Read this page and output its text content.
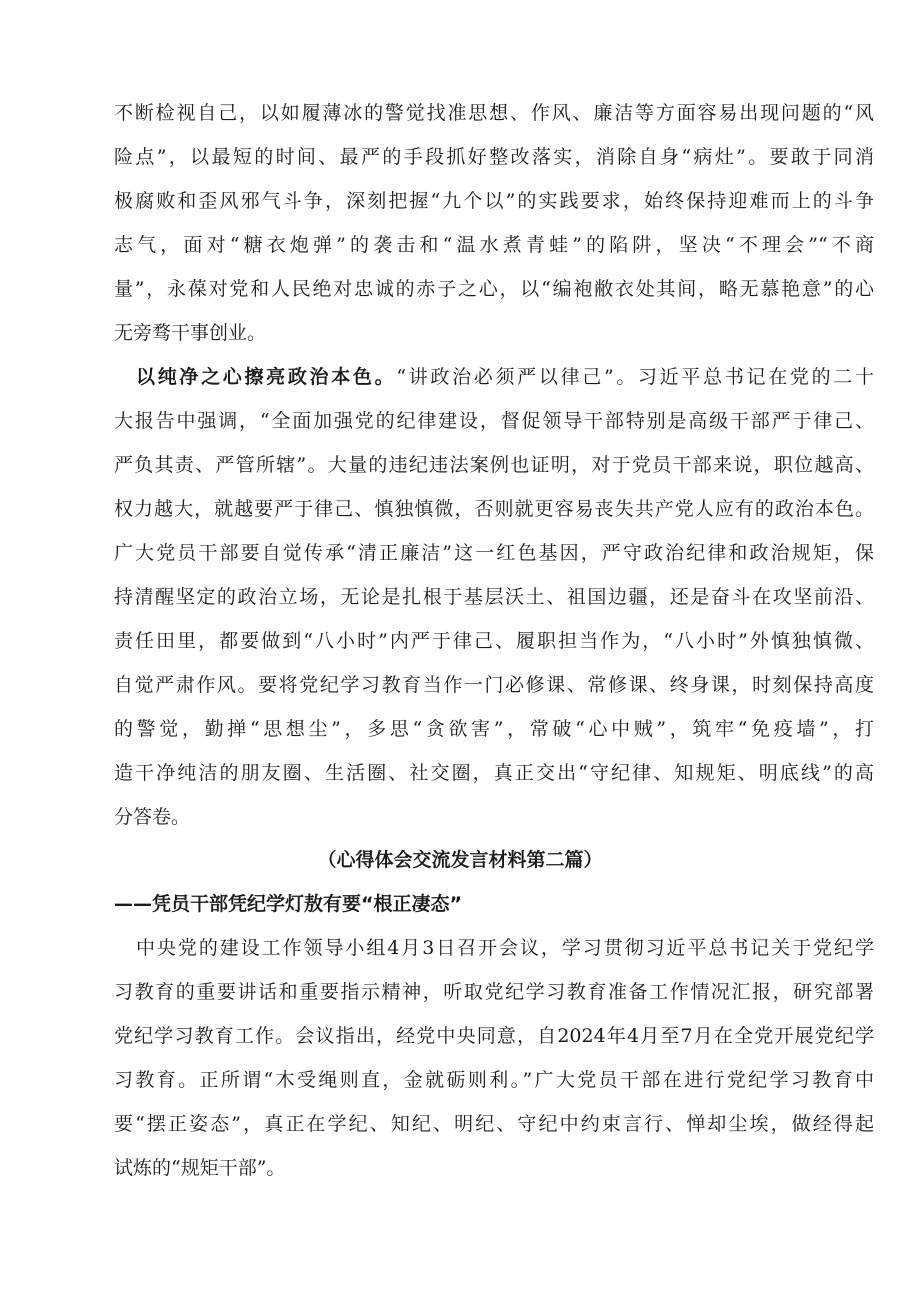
不断检视自己，以如履薄冰的警觉找准思想、作风、廉洁等方面容易出现问题的“风
险点”，以最短的时间、最严的手段抓好整改落实，消除自身“病灶”。要敢于同消
极腐败和歪风邪气斗争，深刻把握“九个以”的实践要求，始终保持迎难而上的斗争
志气，面对“糖衣炮弹”的袭击和“温水煮青蛙”的陷阱，坚决“不理会”“不商
量”，永葆对党和人民绝对忠诚的赤子之心，以“编袍敝衣处其间，略无慕艳意”的心
无旁骛干事创业。
以纯净之心擦亮政治本色。“讲政治必须严以律己”。习近平总书记在党的二十
大报告中强调，“全面加强党的纪律建设，督促领导干部特别是高级干部严于律己、
严负其责、严管所辖”。大量的违纪违法案例也证明，对于党员干部来说，职位越高、
权力越大，就越要严于律己、慎独慎微，否则就更容易丧失共产党人应有的政治本色。
广大党员干部要自觉传承“清正廉洁”这一红色基因，严守政治纪律和政治规矩，保
持清醒坚定的政治立场，无论是扎根于基层沃土、祖国边疆，还是奋斗在攻坚前沿、
责任田里，都要做到“八小时”内严于律己、履职担当作为，“八小时”外慎独慎微、
自觉严肃作风。要将党纪学习教育当作一门必修课、常修课、终身课，时刻保持高度
的警觉，勤掸“思想尘”，多思“贪欲害”，常破“心中贼”，筑牢“免疫墙”，打
造干净纯洁的朋友圈、生活圈、社交圈，真正交出“守纪律、知规矩、明底线”的高
分答卷。
（心得体会交流发言材料第二篇）
——凭员干部凭纪学灯敖有要“根正凄态”
中央党的建设工作领导小组4月3日召开会议，学习贯彻习近平总书记关于党纪学
习教育的重要讲话和重要指示精神，听取党纪学习教育准备工作情况汇报，研究部署
党纪学习教育工作。会议指出，经党中央同意，自2024年4月至7月在全党开展党纪学
习教育。正所谓“木受绳则直，金就砺则利。”广大党员干部在进行党纪学习教育中
要“摆正姿态”，真正在学纪、知纪、明纪、守纪中约束言行、惮却尘埃，做经得起
试炼的“规矩干部”。
